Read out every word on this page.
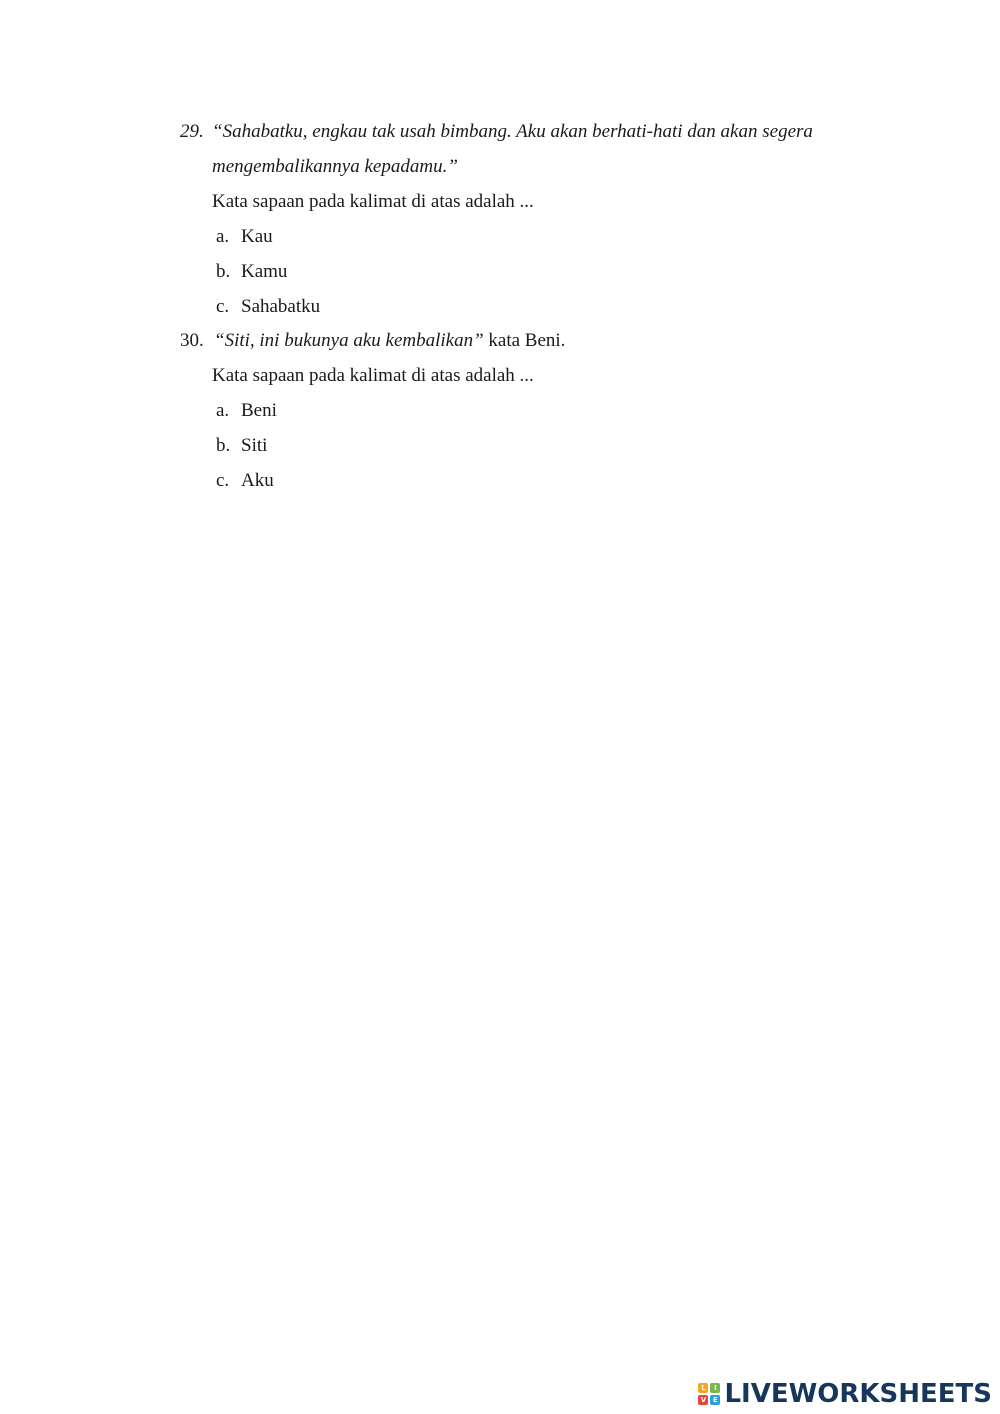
29. “Sahabatku, engkau tak usah bimbang. Aku akan berhati-hati dan akan segera
mengembalikannya kepadamu.”
Kata sapaan pada kalimat di atas adalah ...
a. Kau
b. Kamu
c. Sahabatku
30. “Siti, ini bukunya aku kembalikan” kata Beni.
Kata sapaan pada kalimat di atas adalah ...
a. Beni
b. Siti
c. Aku
L	I
V E LIVEWORKSHEETS
